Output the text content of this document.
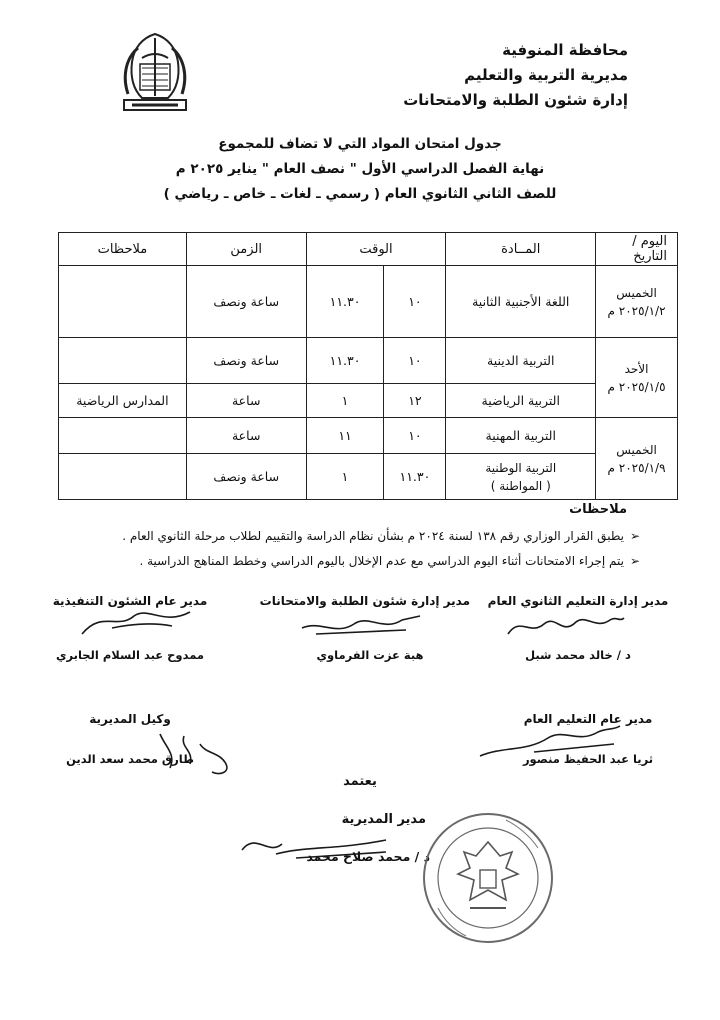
محافظة المنوفية
مديرية التربية والتعليم
إدارة شئون الطلبة والامتحانات
جدول امتحان المواد التي لا تضاف للمجموع
نهاية الفصل الدراسي الأول " نصف العام " يناير ٢٠٢٥ م
للصف الثاني الثانوي العام ( رسمي ـ لغات ـ خاص ـ رياضي )
اليوم / التاريخ	المــادة	الوقت		الزمن	ملاحظات

الخميس
٢٠٢٥/١/٢ م	اللغة الأجنبية الثانية	١٠	١١.٣٠	ساعة ونصف	

الأحد
٢٠٢٥/١/٥ م	التربية الدينية	١٠	١١.٣٠	ساعة ونصف	
	التربية الرياضية	١٢	١	ساعة	المدارس الرياضية

الخميس
٢٠٢٥/١/٩ م	التربية المهنية	١٠	١١	ساعة	

	التربية الوطنية
( المواطنة )	١١.٣٠	١	ساعة ونصف	
ملاحظات
➢يطبق القرار الوزاري رقم ١٣٨ لسنة ٢٠٢٤ م بشأن نظام الدراسة والتقييم لطلاب مرحلة الثانوي العام .
➢يتم إجراء الامتحانات أثناء اليوم الدراسي مع عدم الإخلال باليوم الدراسي وخطط المناهج الدراسية .
مدير إدارة التعليم الثانوي العام
د / خالد محمد شبل
مدير إدارة شئون الطلبة والامتحانات
هبة عزت الفرماوي
مدير عام الشئون التنفيذية
ممدوح عبد السلام الجابري
مدير عام التعليم العام
ثريا عبد الحفيظ منصور
وكيل المديرية
طارق محمد سعد الدين
يعتمد
مدير المديرية
د / محمد صلاح محمد
